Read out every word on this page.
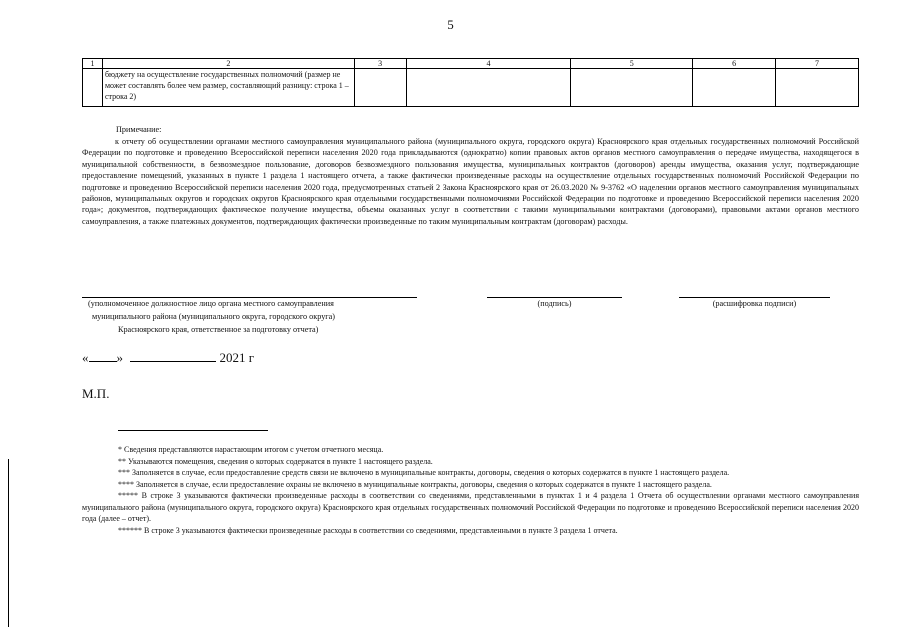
5
1	2	3	4	5	6	7
	бюджету на осуществление государственных полномочий (размер не может составлять более чем размер, составляющий разницу: строка 1 – строка 2)					
Примечание:
к отчету об осуществлении органами местного самоуправления муниципального района (муниципального округа, городского округа) Красноярского края отдельных государственных полномочий Российской Федерации по подготовке и проведению Всероссийской переписи населения 2020 года прикладываются (однократно) копии правовых актов органов местного самоуправления о передаче имущества, находящегося в муниципальной собственности, в безвозмездное пользование, договоров безвозмездного пользования имущества, муниципальных контрактов (договоров) аренды имущества, оказания услуг, подтверждающие предоставление помещений, указанных в пункте 1 раздела 1 настоящего отчета, а также фактически произведенные расходы на осуществление отдельных государственных полномочий Российской Федерации по подготовке и проведению Всероссийской переписи населения 2020 года, предусмотренных статьей 2 Закона Красноярского края от 26.03.2020 № 9-3762 «О наделении органов местного самоуправления муниципальных районов, муниципальных округов и городских округов Красноярского края отдельными государственными полномочиями Российской Федерации по подготовке и проведению Всероссийской переписи населения 2020 года»; документов, подтверждающих фактическое получение имущества, объемы оказанных услуг в соответствии с такими муниципальными контрактами (договорами), правовыми актами органов местного самоуправления, а также платежных документов, подтверждающих фактически произведенные по таким муниципальным контрактам (договорам) расходы.
(уполномоченное должностное лицо органа местного самоуправления
муниципального района (муниципального округа, городского округа)
Красноярского края, ответственное за подготовку отчета)
(подпись)	(расшифровка подписи)
« »	2021 г
М.П.

* Сведения представляются нарастающим итогом с учетом отчетного месяца.

** Указываются помещения, сведения о которых содержатся в пункте 1 настоящего раздела.

*** Заполняется в случае, если предоставление средств связи не включено в муниципальные контракты, договоры, сведения о которых содержатся в пункте 1 настоящего раздела.

**** Заполняется в случае, если предоставление охраны не включено в муниципальные контракты, договоры, сведения о которых содержатся в пункте 1 настоящего раздела.

***** В строке 3 указываются фактически произведенные расходы в соответствии со сведениями, представленными в пунктах 1 и 4 раздела 1 Отчета об осуществлении органами местного самоуправления муниципального района (муниципального округа, городского округа) Красноярского края отдельных государственных полномочий Российской Федерации по подготовке и проведению Всероссийской переписи населения 2020 года (далее – отчет).

****** В строке 3 указываются фактически произведенные расходы в соответствии со сведениями, представленными в пункте 3 раздела 1 отчета.
